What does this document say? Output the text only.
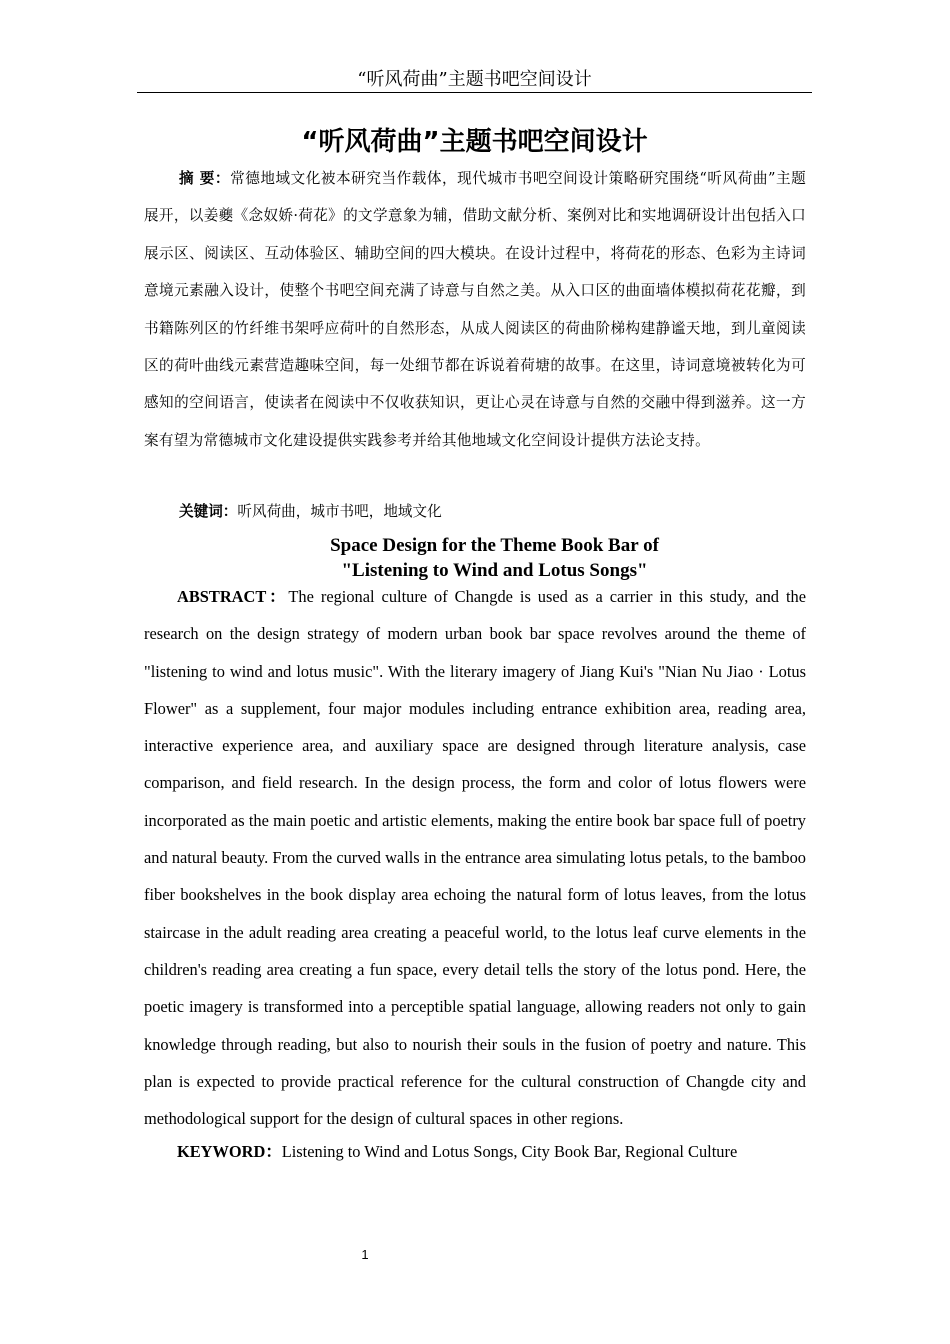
“听风荷曲”主题书吧空间设计
“听风荷曲”主题书吧空间设计

摘 要：常德地域文化被本研究当作载体，现代城市书吧空间设计策略研究围绕“听风荷曲”主题展开，以姜夔《念奴娇·荷花》的文学意象为辅，借助文献分析、案例对比和实地调研设计出包括入口展示区、阅读区、互动体验区、辅助空间的四大模块。在设计过程中，将荷花的形态、色彩为主诗词意境元素融入设计，使整个书吧空间充满了诗意与自然之美。从入口区的曲面墙体模拟荷花花瓣，到书籍陈列区的竹纤维书架呼应荷叶的自然形态，从成人阅读区的荷曲阶梯构建静谧天地，到儿童阅读区的荷叶曲线元素营造趣味空间，每一处细节都在诉说着荷塘的故事。在这里，诗词意境被转化为可感知的空间语言，使读者在阅读中不仅收获知识，更让心灵在诗意与自然的交融中得到滋养。这一方案有望为常德城市文化建设提供实践参考并给其他地域文化空间设计提供方法论支持。

关键词：听风荷曲，城市书吧，地域文化
Space Design for the Theme Book Bar of
"Listening to Wind and Lotus Songs"

ABSTRACT：The regional culture of Changde is used as a carrier in this study, and the research on the design strategy of modern urban book bar space revolves around the theme of "listening to wind and lotus music". With the literary imagery of Jiang Kui's "Nian Nu Jiao · Lotus Flower" as a supplement, four major modules including entrance exhibition area, reading area, interactive experience area, and auxiliary space are designed through literature analysis, case comparison, and field research. In the design process, the form and color of lotus flowers were incorporated as the main poetic and artistic elements, making the entire book bar space full of poetry and natural beauty. From the curved walls in the entrance area simulating lotus petals, to the bamboo fiber bookshelves in the book display area echoing the natural form of lotus leaves, from the lotus staircase in the adult reading area creating a peaceful world, to the lotus leaf curve elements in the children's reading area creating a fun space, every detail tells the story of the lotus pond. Here, the poetic imagery is transformed into a perceptible spatial language, allowing readers not only to gain knowledge through reading, but also to nourish their souls in the fusion of poetry and nature. This plan is expected to provide practical reference for the cultural construction of Changde city and methodological support for the design of cultural spaces in other regions.

KEYWORD：Listening to Wind and Lotus Songs, City Book Bar, Regional Culture
1
